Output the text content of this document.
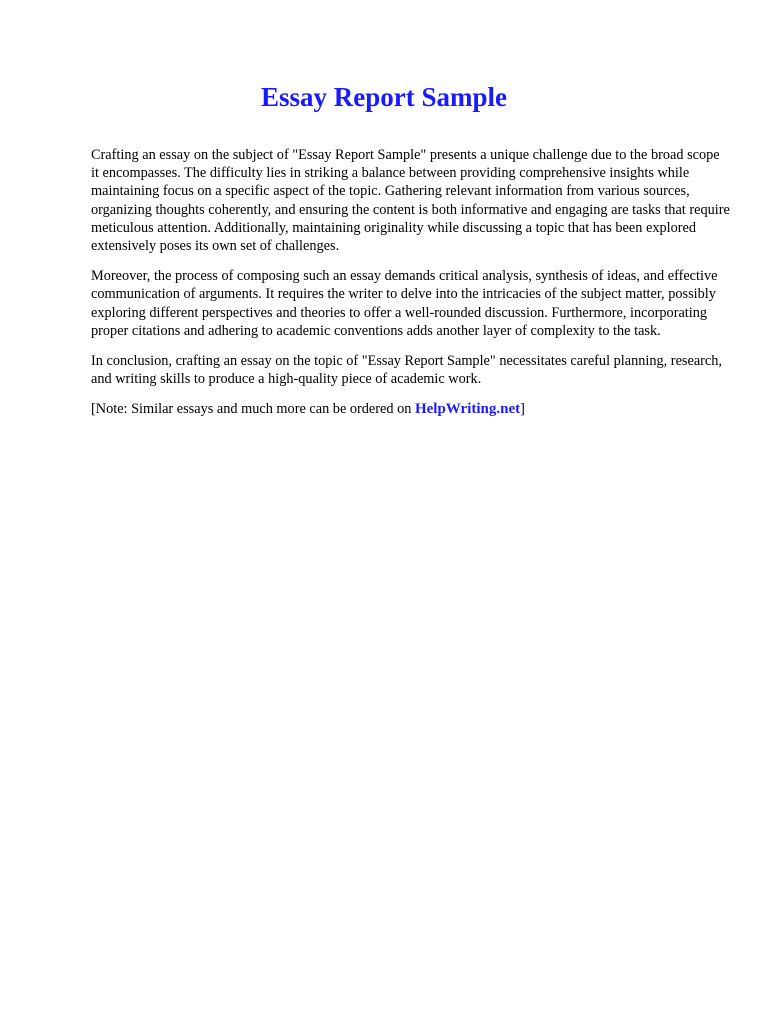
Essay Report Sample

Crafting an essay on the subject of "Essay Report Sample" presents a unique challenge due to the broad scope it encompasses. The difficulty lies in striking a balance between providing comprehensive insights while maintaining focus on a specific aspect of the topic. Gathering relevant information from various sources, organizing thoughts coherently, and ensuring the content is both informative and engaging are tasks that require meticulous attention. Additionally, maintaining originality while discussing a topic that has been explored extensively poses its own set of challenges.

Moreover, the process of composing such an essay demands critical analysis, synthesis of ideas, and effective communication of arguments. It requires the writer to delve into the intricacies of the subject matter, possibly exploring different perspectives and theories to offer a well-rounded discussion. Furthermore, incorporating proper citations and adhering to academic conventions adds another layer of complexity to the task.

In conclusion, crafting an essay on the topic of "Essay Report Sample" necessitates careful planning, research, and writing skills to produce a high-quality piece of academic work.

[Note: Similar essays and much more can be ordered on HelpWriting.net]
